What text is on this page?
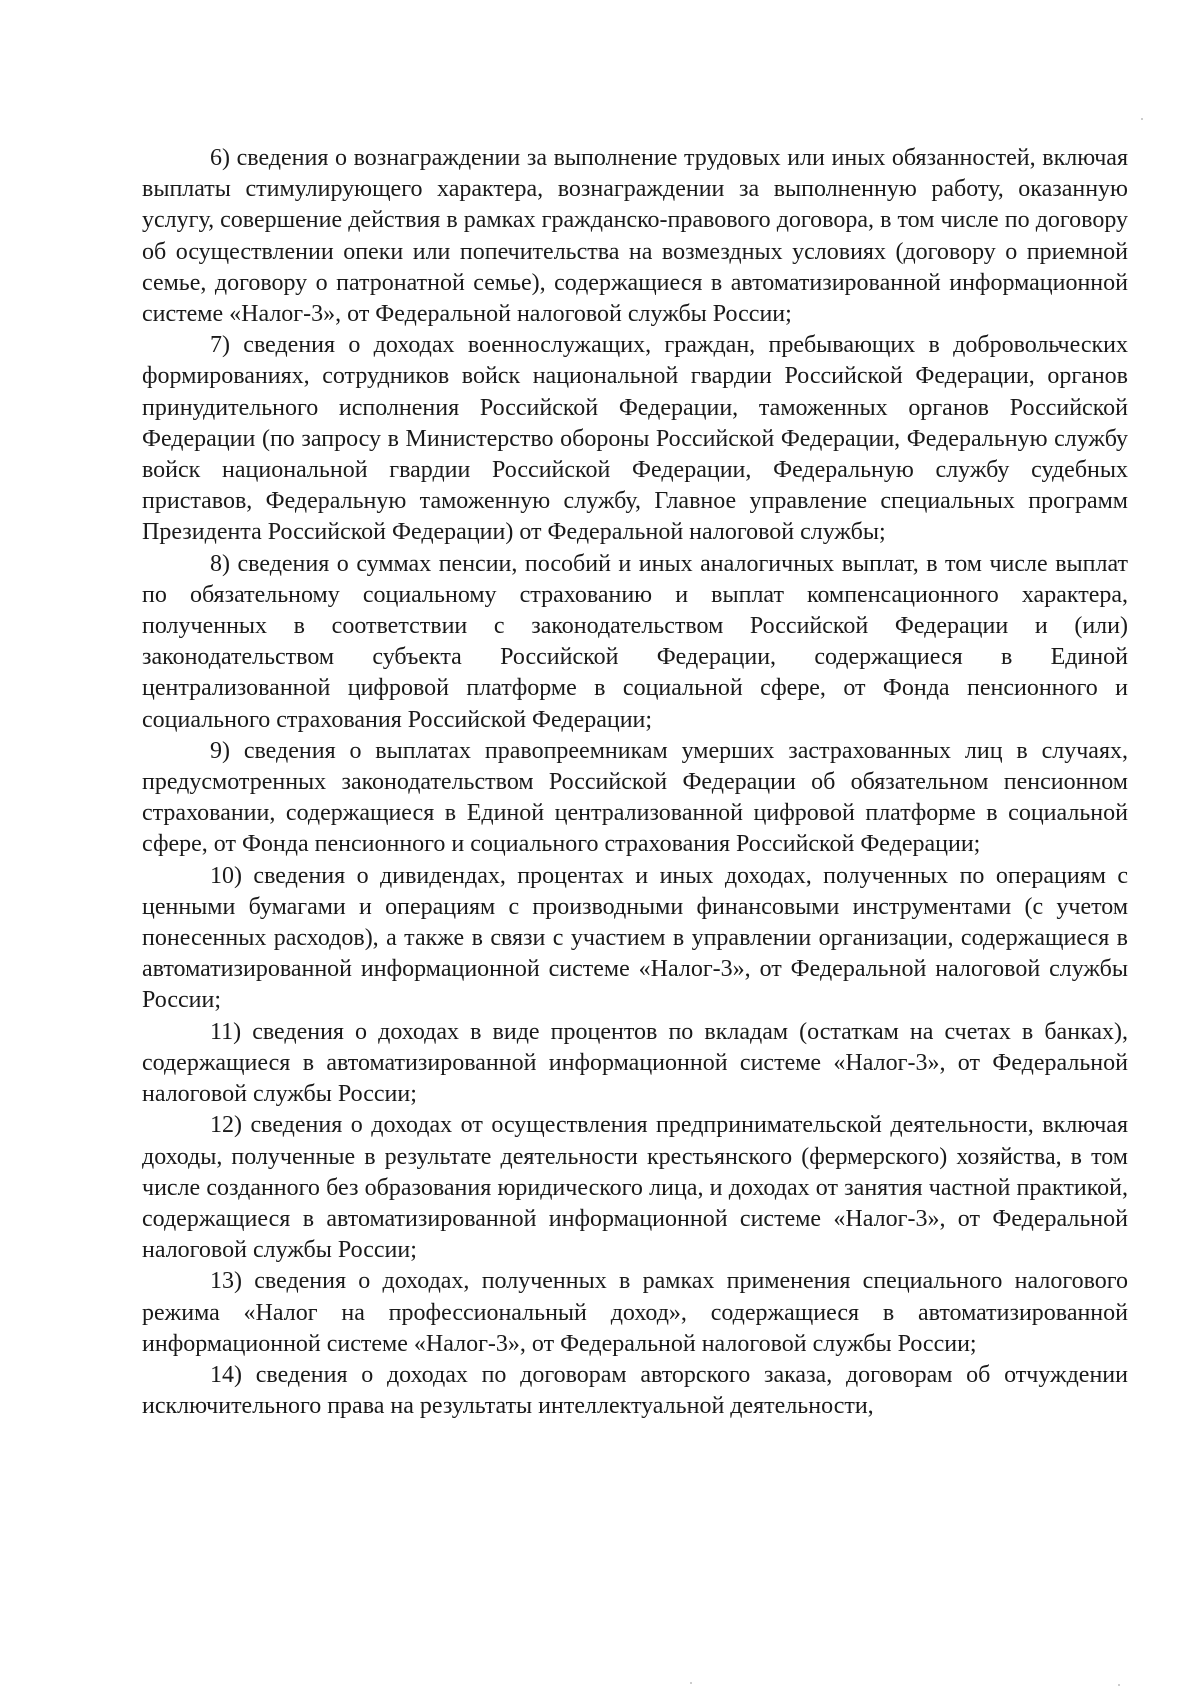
6) сведения о вознаграждении за выполнение трудовых или иных обязанностей, включая выплаты стимулирующего характера, вознаграждении за выполненную работу, оказанную услугу, совершение действия в рамках гражданско-правового договора, в том числе по договору об осуществлении опеки или попечительства на возмездных условиях (договору о приемной семье, договору о патронатной семье), содержащиеся в автоматизированной информационной системе «Налог-3», от Федеральной налоговой службы России;

7) сведения о доходах военнослужащих, граждан, пребывающих в добровольческих формированиях, сотрудников войск национальной гвардии Российской Федерации, органов принудительного исполнения Российской Федерации, таможенных органов Российской Федерации (по запросу в Министерство обороны Российской Федерации, Федеральную службу войск национальной гвардии Российской Федерации, Федеральную службу судебных приставов, Федеральную таможенную службу, Главное управление специальных программ Президента Российской Федерации) от Федеральной налоговой службы;

8) сведения о суммах пенсии, пособий и иных аналогичных выплат, в том числе выплат по обязательному социальному страхованию и выплат компенсационного характера, полученных в соответствии с законодательством Российской Федерации и (или) законодательством субъекта Российской Федерации, содержащиеся в Единой централизованной цифровой платформе в социальной сфере, от Фонда пенсионного и социального страхования Российской Федерации;

9) сведения о выплатах правопреемникам умерших застрахованных лиц в случаях, предусмотренных законодательством Российской Федерации об обязательном пенсионном страховании, содержащиеся в Единой централизованной цифровой платформе в социальной сфере, от Фонда пенсионного и социального страхования Российской Федерации;

10) сведения о дивидендах, процентах и иных доходах, полученных по операциям с ценными бумагами и операциям с производными финансовыми инструментами (с учетом понесенных расходов), а также в связи с участием в управлении организации, содержащиеся в автоматизированной информационной системе «Налог-3», от Федеральной налоговой службы России;

11) сведения о доходах в виде процентов по вкладам (остаткам на счетах в банках), содержащиеся в автоматизированной информационной системе «Налог-3», от Федеральной налоговой службы России;

12) сведения о доходах от осуществления предпринимательской деятельности, включая доходы, полученные в результате деятельности крестьянского (фермерского) хозяйства, в том числе созданного без образования юридического лица, и доходах от занятия частной практикой, содержащиеся в автоматизированной информационной системе «Налог-3», от Федеральной налоговой службы России;

13) сведения о доходах, полученных в рамках применения специального налогового режима «Налог на профессиональный доход», содержащиеся в автоматизированной информационной системе «Налог-3», от Федеральной налоговой службы России;

14) сведения о доходах по договорам авторского заказа, договорам об отчуждении исключительного права на результаты интеллектуальной деятельности,
